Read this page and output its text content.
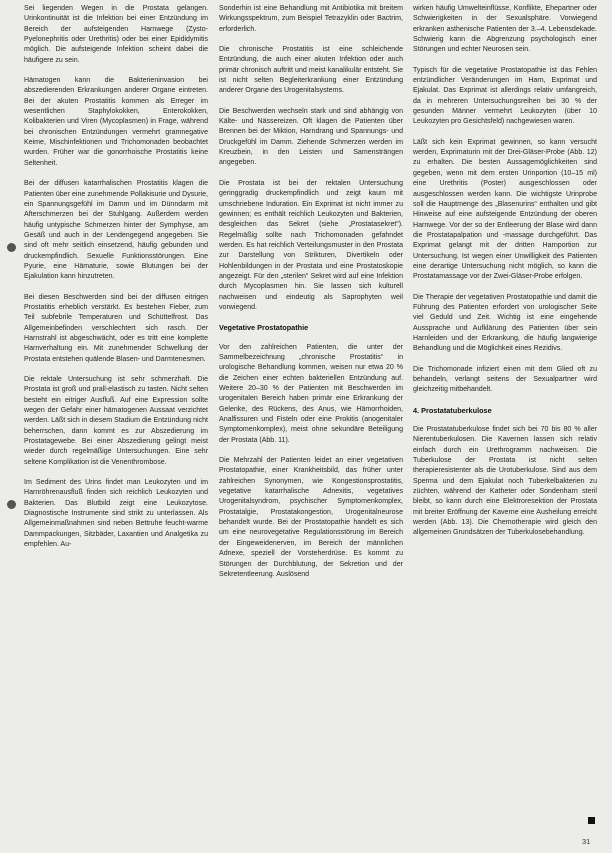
Sei liegenden Wegen in die Prostata gelangen. Urinkontinuität ist die Infektion bei einer Entzündung im Bereich der aufsteigenden Harnwege (Zysto-Pyelonephritis oder Urethritis) oder bei einer Epididymitis möglich. Die aufsteigende Infektion scheint dabei die häufigere zu sein.

Hämatogen kann die Bakterieninvasion bei abszedierenden Erkrankungen anderer Organe eintreten. Bei der akuten Prostatitis kommen als Erreger im wesentlichen Staphylokokken, Enterokokken, Kolibakterien und Viren (Mycoplasmen) in Frage, während bei chronischen Entzündungen vermehrt gramnegative Keime, Mischinfektionen und Trichomonaden beobachtet wurden. Früher war die gonorrhoische Prostatitis keine Seltenheit.

Bei der diffusen katarrhalischen Prostatitis klagen die Patienten über eine zunehmende Pollakisurie und Dysurie, ein Spannungsgefühl im Damm und im Dünndarm mit Afterschmerzen bei der Stuhlgang. Außerdem werden häufig untypische Schmerzen hinter der Symphyse, am Gesäß und auch in der Lendengegend angegeben. Sie sind oft mehr seitlich einsetzend, häufig gebunden und druckempfindlich. Sexuelle Funktionsstörungen. Eine Pyurie, eine Hämaturie, sowie Blutungen bei der Ejakulation kann hinzutreten.

Bei diesen Beschwerden sind bei der diffusen eitrigen Prostatitis erheblich verstärkt. Es bestehen Fieber, zum Teil subfebrile Temperaturen und Schüttelfrost. Das Allgemeinbefinden verschlechtert sich rasch. Der Harnstrahl ist abgeschwächt, oder es tritt eine komplette Harnverhaltung ein. Mit zunehmender Schwellung der Prostata entstehen quälende Blasen- und Darmtenesmen.

Die rektale Untersuchung ist sehr schmerzhaft. Die Prostata ist groß und prall-elastisch zu tasten. Nicht selten besteht ein eitriger Ausfluß. Auf eine Expression sollte wegen der Gefahr einer hämatogenen Aussaat verzichtet werden. Läßt sich in diesem Stadium die Entzündung nicht beherrschen, dann kommt es zur Abszedierung im Prostatagewebe. Bei einer Abszedierung gelingt meist wieder durch regelmäßige Untersuchungen. Eine sehr seltene Komplikation ist die Venenthrombose.

Im Sediment des Urins findet man Leukozyten und im Harnröhrenausfluß finden sich reichlich Leukozyten und Bakterien. Das Blutbild zeigt eine Leukozytose. Diagnostische Instrumente sind strikt zu unterlassen. Als Allgemeinmaßnahmen sind neben Bettruhe feucht-warme Dammpackungen, Sitzbäder, Laxantien und Analgetika zu empfehlen. Au-

Sonderhin ist eine Behandlung mit Antibiotika mit breitem Wirkungsspektrum, zum Beispiel Tetrazyklin oder Bactrim, erforderlich.

Die chronische Prostatitis ist eine schleichende Entzündung, die auch einer akuten Infektion oder auch primär chronisch auftritt und meist kanalikulär entsteht. Sie ist nicht selten Begleiterkrankung einer Entzündung anderer Organe des Urogenitalsystems.

Die Beschwerden wechseln stark und sind abhängig von Kälte- und Nässereizen. Oft klagen die Patienten über Brennen bei der Miktion, Harndrang und Spannungs- und Druckgefühl im Damm. Ziehende Schmerzen werden im Kreuzbein, in den Leisten und Samensträngen angegeben.

Die Prostata ist bei der rektalen Untersuchung geringgradig druckempfindlich und zeigt kaum mit umschriebene Induration. Ein Exprimat ist nicht immer zu gewinnen; es enthält reichlich Leukozyten und Bakterien, desgleichen das Sekret (siehe „Prostatasekret“). Regelmäßig sollte nach Trichomonaden gefahndet werden. Es hat reichlich Verteilungsmuster in den Prostata zur Darstellung von Strikturen, Divertikeln oder Hohlenbildungen in der Prostata und eine Prostatoskopie angezeigt. Für den „sterilen“ Sekret wird auf eine Infektion durch Mycoplasmen hin. Sie lassen sich kulturell nachweisen und eindeutig als Saprophyten weil vorwiegend.

Vegetative Prostatopathie

Vor den zahlreichen Patienten, die unter der Sammelbezeichnung „chronische Prostatitis“ in urologische Behandlung kommen, weisen nur etwa 20 % die Zeichen einer echten bakteriellen Entzündung auf. Weitere 20–30 % der Patienten mit Beschwerden im urogenitalen Bereich haben primär eine Erkrankung der Gelenke, des Rückens, des Anus, wie Hämorrhoiden, Analfissuren und Fisteln oder eine Prokitis (anogenitaler Symptomenkomplex), meist ohne sekundäre Beteiligung der Prostata (Abb. 11).

Die Mehrzahl der Patienten leidet an einer vegetativen Prostatopathie, einer Krankheitsbild, das früher unter zahlreichen Synonymen, wie Kongestionsprostatitis, vegetative katarrhalische Adnexitis, vegetatives Urogenitalsyndrom, psychischer Symptomenkomplex, Prostatalgie, Prostatakongestion, Urogenitalneurose behandelt wurde. Bei der Prostatopathie handelt es sich um eine neurovegetative Regulationsstörung im Bereich der Eingeweidenerven, im Bereich der männlichen Adnexe, speziell der Vorsteherdrüse. Es kommt zu Störungen der Durchblutung, der Sekretion und der Sekretentleerung. Auslösend

wirken häufig Umwelteinflüsse, Konflikte, Ehepartner oder Schwierigkeiten in der Sexualsphäre. Vorwiegend erkranken asthenische Patienten der 3.–4. Lebensdekade. Schwierig kann die Abgrenzung psychologisch einer Störungen und echter Neurosen sein.

Typisch für die vegetative Prostatopathie ist das Fehlen entzündlicher Veränderungen im Harn, Exprimat und Ejakulat. Das Exprimat ist allerdings relativ umfangreich, da in mehreren Untersuchungsreihen bei 30 % der gesunden Männer vermehrt Leukozyten (über 10 Leukozyten pro Gesichtsfeld) nachgewiesen waren.

Läßt sich kein Exprimat gewinnen, so kann versucht werden, Exprimaturin mit der Drei-Gläser-Probe (Abb. 12) zu erhalten. Die besten Aussagemöglichkeiten sind gegeben, wenn mit dem ersten Urinportion (10–15 ml) eine Urethritis (Poster) ausgeschlossen oder ausgeschlossen werden kann. Die wichtigste Urinprobe soll die Hauptmenge des „Blasenurins“ enthalten und gibt Hinweise auf eine aufsteigende Entzündung der oberen Harnwege. Vor der so der Entleerung der Blase wird dann die Prostatapalpation und -massage durchgeführt. Das Exprimat gelangt mit der dritten Harnportion zur Untersuchung. Ist wegen einer Unwilligkeit des Patienten eine derartige Untersuchung nicht möglich, so kann die Prostatamassage vor der Zwei-Gläser-Probe erfolgen.

Die Therapie der vegetativen Prostatopathie und damit die Führung des Patienten erfordert von urologischer Seite viel Geduld und Zeit. Wichtig ist eine eingehende Aussprache und Aufklärung des Patienten über sein Harnleiden und der Erkrankung, die häufig langwierige Behandlung und die Möglichkeit eines Rezidivs.

Die Trichomonade infiziert einen mit dem Glied oft zu behandeln, verlangt seitens der Sexualpartner wird gleichzeitig mitbehandelt.

4. Prostatatuberkulose

Die Prostatatuberkulose findet sich bei 70 bis 80 % aller Nierentuberkulosen. Die Kavernen lassen sich relativ einfach durch ein Urethrogramm nachweisen. Die Tuberkulose der Prostata ist nicht selten therapieresistenter als die Urotuberkulose. Sind aus dem Sperma und dem Ejakulat noch Tuberkelbakterien zu züchten, während der Katheter oder Sondenharn steril bleibt, so kann durch eine Elektroresektion der Prostata mit breiter Eröffnung der Kaverne eine Ausheilung erreicht werden (Abb. 13). Die Chemotherapie wird gleich den allgemeinen Grundsätzen der Tuberkulosebehandlung.

31
